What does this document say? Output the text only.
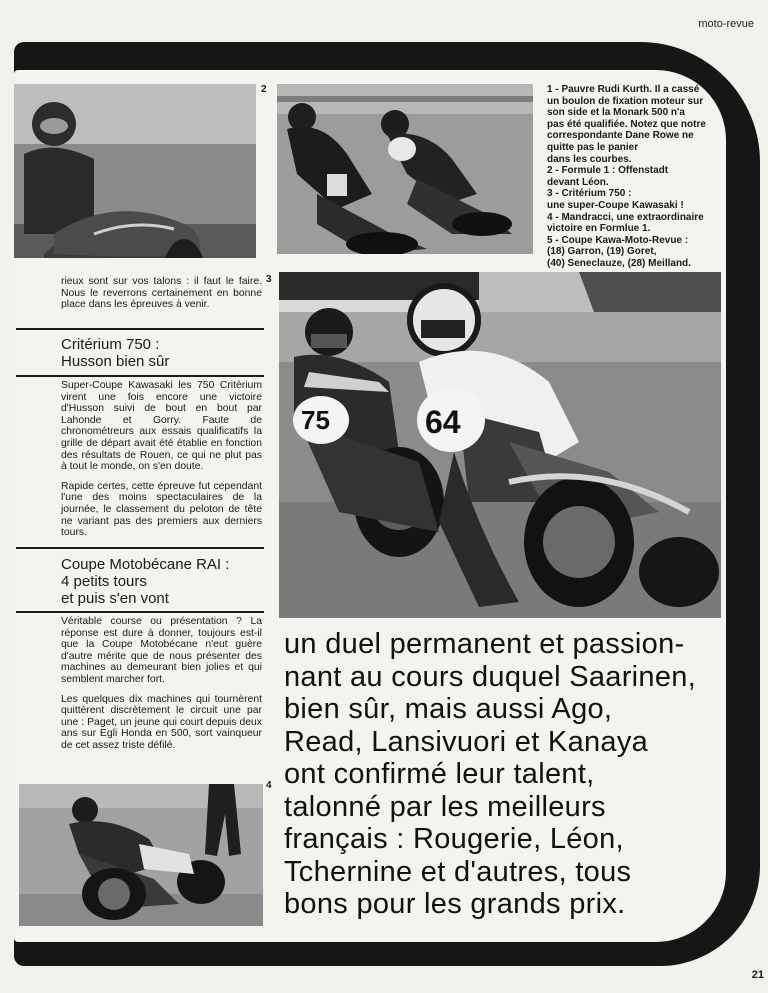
moto-revue
2	1 - Pauvre Rudi Kurth. Il a cassé
un boulon de fixation moteur sur
son side et la Monark 500 n'a
pas été qualifiée. Notez que notre
correspondante Dane Rowe ne
quitte pas le panier
dans les courbes.
2 - Formule 1 : Offenstadt
devant Léon.
3 - Critérium 750 :
une super-Coupe Kawasaki !
4 - Mandracci, une extraordinaire
victoire en Formlue 1.
5 - Coupe Kawa-Moto-Revue :
(18) Garron, (19) Goret,
(40) Seneclauze, (28) Meilland.

rieux sont sur vos talons : il faut le faire. Nous le reverrons certainement en bonne place dans les épreuves à venir.

3
Critérium 750 :
Husson bien sûr

Super-Coupe Kawasaki les 750 Critérium virent une fois encore une victoire d'Husson suivi de bout en bout par Lahonde et Gorry. Faute de chronométreurs aux essais qualificatifs la grille de départ avait été établie en fonction des résultats de Rouen, ce qui ne plut pas à tout le monde, on s'en doute.

Rapide certes, cette épreuve fut cependant l'une des moins spectaculaires de la journée, le classement du peloton de tête ne variant pas des premiers aux derniers tours.

Coupe Motobécane RAI :
4 petits tours
et puis s'en vont

Véritable course ou présentation ? La réponse est dure à donner, toujours est-il que la Coupe Motobécane n'eut guère d'autre mérite que de nous présenter des machines au demeurant bien jolies et qui semblent marcher fort.

Les quelques dix machines qui tournèrent quittèrent discrètement le circuit une par une : Paget, un jeune qui court depuis deux ans sur Egli Honda en 500, sort vainqueur de cet assez triste défilé.

75	64
un duel permanent et passion-
nant au cours duquel Saarinen,
bien sûr, mais aussi Ago,
Read, Lansivuori et Kanaya
ont confirmé leur talent,
talonné par les meilleurs
français : Rougerie, Léon,
Tchernine et d'autres, tous
bons pour les grands prix.
4
21
